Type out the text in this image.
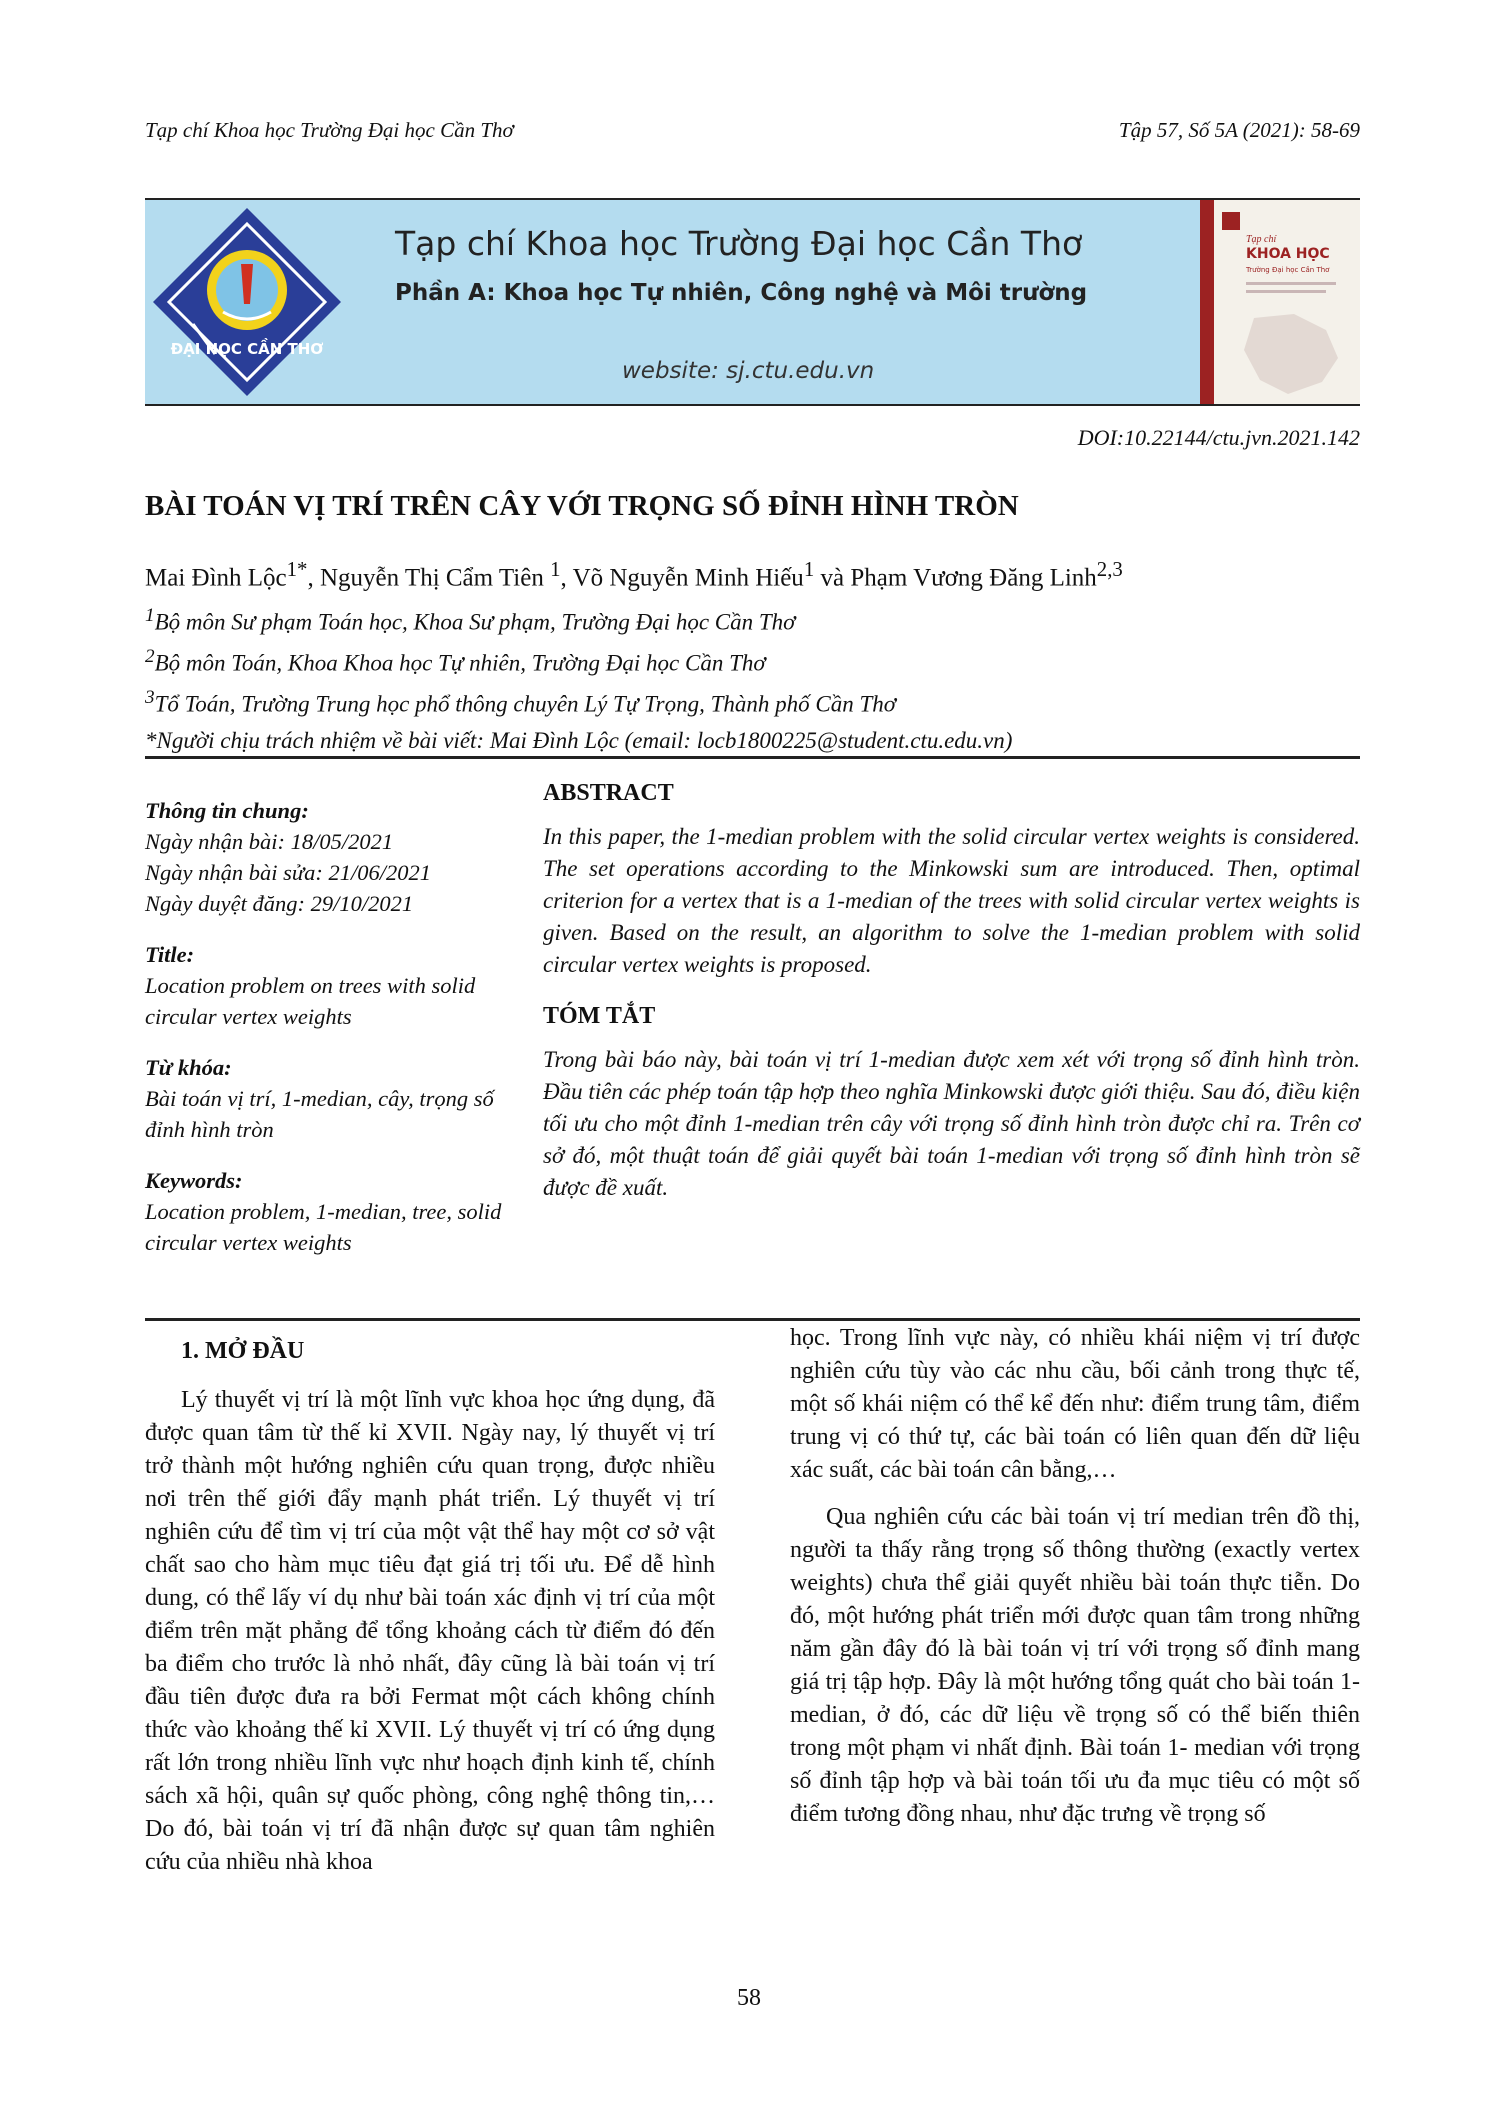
Tạp chí Khoa học Trường Đại học Cần Thơ	Tập 57, Số 5A (2021): 58-69
ĐẠI HỌC CẦN THƠ
Tạp chí Khoa học Trường Đại học Cần Thơ
Phần A: Khoa học Tự nhiên, Công nghệ và Môi trường
website: sj.ctu.edu.vn
Tạp chí
KHOA HỌC
Trường Đại học Cần Thơ
DOI:10.22144/ctu.jvn.2021.142
BÀI TOÁN VỊ TRÍ TRÊN CÂY VỚI TRỌNG SỐ ĐỈNH HÌNH TRÒN
Mai Đình Lộc$^{1*}$, Nguyễn Thị Cẩm Tiên $^1$, Võ Nguyễn Minh Hiếu$^1$ và Phạm Vương Đăng Linh$^{2,3}$
$^1$Bộ môn Sư phạm Toán học, Khoa Sư phạm, Trường Đại học Cần Thơ
$^2$Bộ môn Toán, Khoa Khoa học Tự nhiên, Trường Đại học Cần Thơ
$^3$Tổ Toán, Trường Trung học phổ thông chuyên Lý Tự Trọng, Thành phố Cần Thơ
*Người chịu trách nhiệm về bài viết: Mai Đình Lộc (email: locb1800225@student.ctu.edu.vn)
Thông tin chung:
Ngày nhận bài: 18/05/2021
Ngày nhận bài sửa: 21/06/2021
Ngày duyệt đăng: 29/10/2021
Title:
Location problem on trees with solid circular vertex weights
Từ khóa:
Bài toán vị trí, 1-median, cây, trọng số đỉnh hình tròn
Keywords:
Location problem, 1-median, tree, solid circular vertex weights
ABSTRACT

In this paper, the 1-median problem with the solid circular vertex weights is considered. The set operations according to the Minkowski sum are introduced. Then, optimal criterion for a vertex that is a 1-median of the trees with solid circular vertex weights is given. Based on the result, an algorithm to solve the 1-median problem with solid circular vertex weights is proposed.

TÓM TẮT

Trong bài báo này, bài toán vị trí 1-median được xem xét với trọng số đỉnh hình tròn. Đầu tiên các phép toán tập hợp theo nghĩa Minkowski được giới thiệu. Sau đó, điều kiện tối ưu cho một đỉnh 1-median trên cây với trọng số đỉnh hình tròn được chỉ ra. Trên cơ sở đó, một thuật toán để giải quyết bài toán 1-median với trọng số đỉnh hình tròn sẽ được đề xuất.

1. MỞ ĐẦU

Lý thuyết vị trí là một lĩnh vực khoa học ứng dụng, đã được quan tâm từ thế kỉ XVII. Ngày nay, lý thuyết vị trí trở thành một hướng nghiên cứu quan trọng, được nhiều nơi trên thế giới đẩy mạnh phát triển. Lý thuyết vị trí nghiên cứu để tìm vị trí của một vật thể hay một cơ sở vật chất sao cho hàm mục tiêu đạt giá trị tối ưu. Để dễ hình dung, có thể lấy ví dụ như bài toán xác định vị trí của một điểm trên mặt phẳng để tổng khoảng cách từ điểm đó đến ba điểm cho trước là nhỏ nhất, đây cũng là bài toán vị trí đầu tiên được đưa ra bởi Fermat một cách không chính thức vào khoảng thế kỉ XVII. Lý thuyết vị trí có ứng dụng rất lớn trong nhiều lĩnh vực như hoạch định kinh tế, chính sách xã hội, quân sự quốc phòng, công nghệ thông tin,… Do đó, bài toán vị trí đã nhận được sự quan tâm nghiên cứu của nhiều nhà khoa

học. Trong lĩnh vực này, có nhiều khái niệm vị trí được nghiên cứu tùy vào các nhu cầu, bối cảnh trong thực tế, một số khái niệm có thể kể đến như: điểm trung tâm, điểm trung vị có thứ tự, các bài toán có liên quan đến dữ liệu xác suất, các bài toán cân bằng,…

Qua nghiên cứu các bài toán vị trí median trên đồ thị, người ta thấy rằng trọng số thông thường (exactly vertex weights) chưa thể giải quyết nhiều bài toán thực tiễn. Do đó, một hướng phát triển mới được quan tâm trong những năm gần đây đó là bài toán vị trí với trọng số đỉnh mang giá trị tập hợp. Đây là một hướng tổng quát cho bài toán 1-median, ở đó, các dữ liệu về trọng số có thể biến thiên trong một phạm vi nhất định. Bài toán 1- median với trọng số đỉnh tập hợp và bài toán tối ưu đa mục tiêu có một số điểm tương đồng nhau, như đặc trưng về trọng số

58
